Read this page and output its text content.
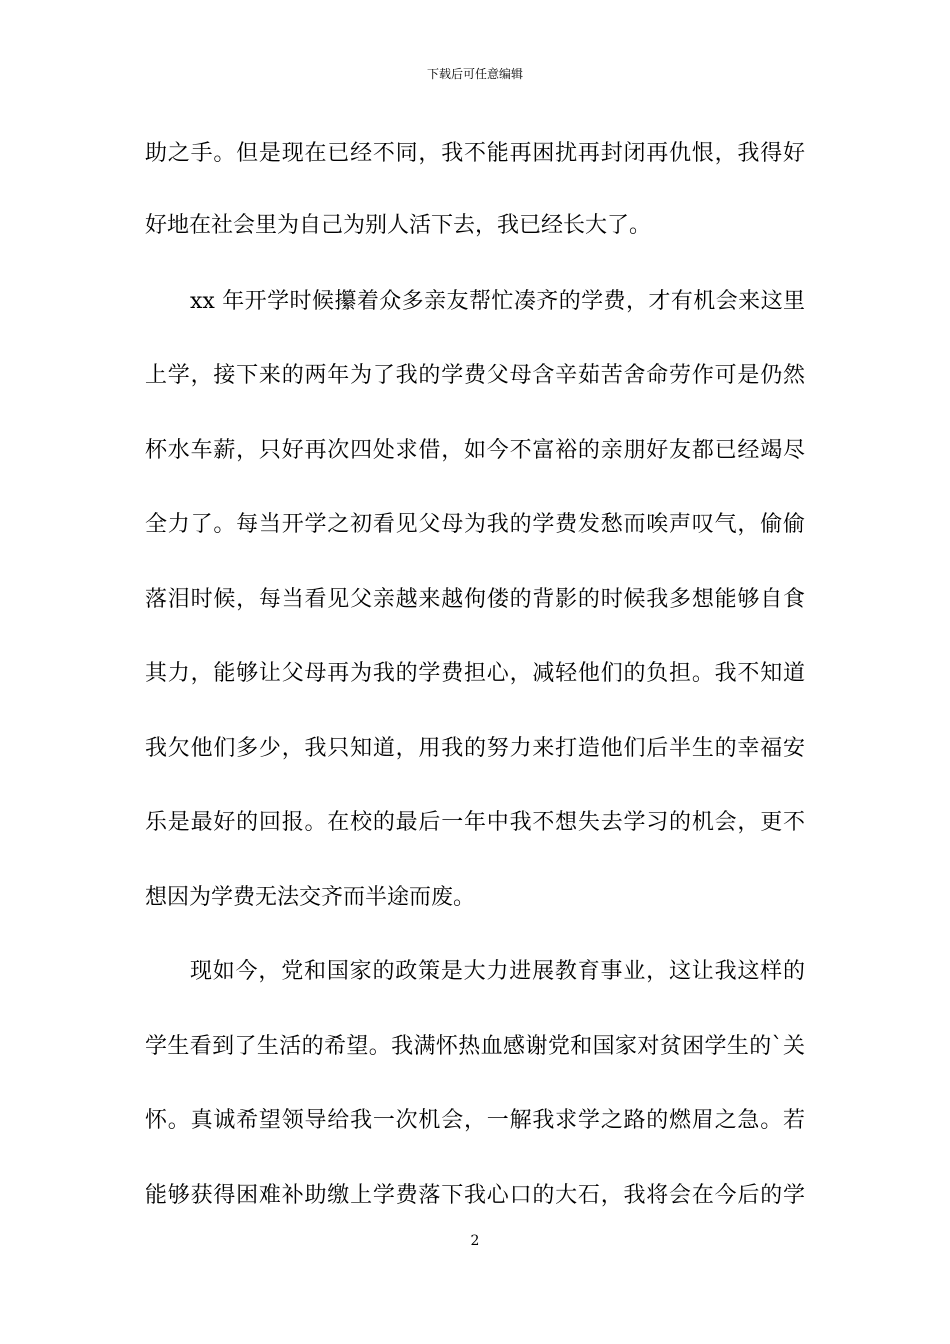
下载后可任意编辑
助之手。但是现在已经不同，我不能再困扰再封闭再仇恨，我得好
好地在社会里为自己为别人活下去，我已经长大了。
xx 年开学时候攥着众多亲友帮忙凑齐的学费，才有机会来这里
上学，接下来的两年为了我的学费父母含辛茹苦舍命劳作可是仍然
杯水车薪，只好再次四处求借，如今不富裕的亲朋好友都已经竭尽
全力了。每当开学之初看见父母为我的学费发愁而唉声叹气，偷偷
落泪时候，每当看见父亲越来越佝偻的背影的时候我多想能够自食
其力，能够让父母再为我的学费担心，减轻他们的负担。我不知道
我欠他们多少，我只知道，用我的努力来打造他们后半生的幸福安
乐是最好的回报。在校的最后一年中我不想失去学习的机会，更不
想因为学费无法交齐而半途而废。
现如今，党和国家的政策是大力进展教育事业，这让我这样的
学生看到了生活的希望。我满怀热血感谢党和国家对贫困学生的`关
怀。真诚希望领导给我一次机会，一解我求学之路的燃眉之急。若
能够获得困难补助缴上学费落下我心口的大石，我将会在今后的学
2
